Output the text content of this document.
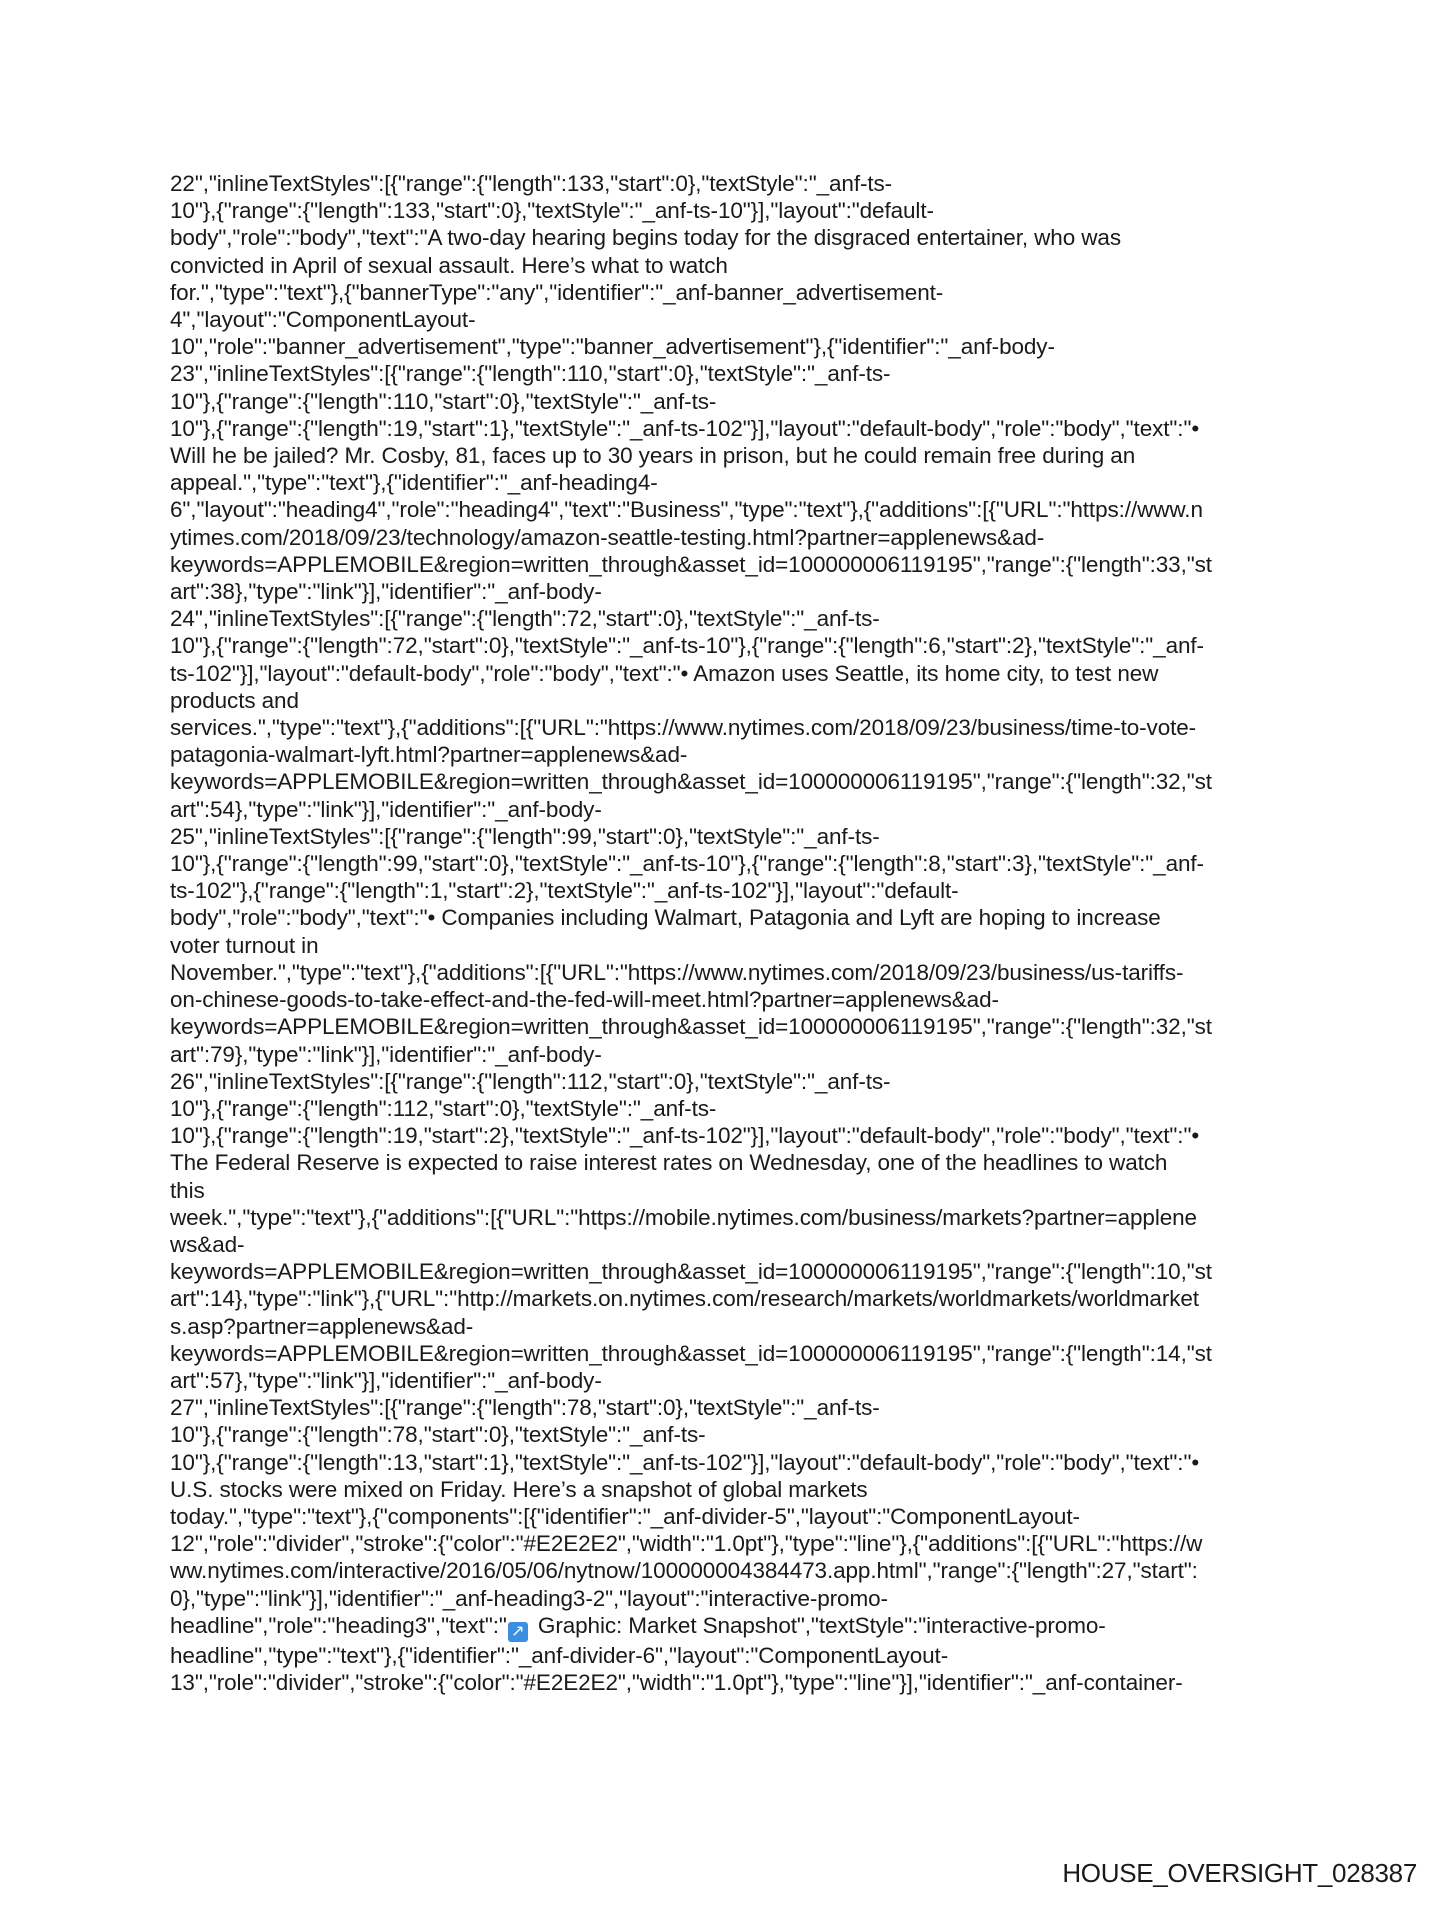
22","inlineTextStyles":[{"range":{"length":133,"start":0},"textStyle":"_anf-ts-
10"},{"range":{"length":133,"start":0},"textStyle":"_anf-ts-10"}],"layout":"default-
body","role":"body","text":"A two-day hearing begins today for the disgraced entertainer, who was
convicted in April of sexual assault. Here’s what to watch
for.","type":"text"},{"bannerType":"any","identifier":"_anf-banner_advertisement-
4","layout":"ComponentLayout-
10","role":"banner_advertisement","type":"banner_advertisement"},{"identifier":"_anf-body-
23","inlineTextStyles":[{"range":{"length":110,"start":0},"textStyle":"_anf-ts-
10"},{"range":{"length":110,"start":0},"textStyle":"_anf-ts-
10"},{"range":{"length":19,"start":1},"textStyle":"_anf-ts-102"}],"layout":"default-body","role":"body","text":"•
Will he be jailed? Mr. Cosby, 81, faces up to 30 years in prison, but he could remain free during an
appeal.","type":"text"},{"identifier":"_anf-heading4-
6","layout":"heading4","role":"heading4","text":"Business","type":"text"},{"additions":[{"URL":"https://www.n
ytimes.com/2018/09/23/technology/amazon-seattle-testing.html?partner=applenews&ad-
keywords=APPLEMOBILE&region=written_through&asset_id=100000006119195","range":{"length":33,"st
art":38},"type":"link"}],"identifier":"_anf-body-
24","inlineTextStyles":[{"range":{"length":72,"start":0},"textStyle":"_anf-ts-
10"},{"range":{"length":72,"start":0},"textStyle":"_anf-ts-10"},{"range":{"length":6,"start":2},"textStyle":"_anf-
ts-102"}],"layout":"default-body","role":"body","text":"• Amazon uses Seattle, its home city, to test new
products and
services.","type":"text"},{"additions":[{"URL":"https://www.nytimes.com/2018/09/23/business/time-to-vote-
patagonia-walmart-lyft.html?partner=applenews&ad-
keywords=APPLEMOBILE&region=written_through&asset_id=100000006119195","range":{"length":32,"st
art":54},"type":"link"}],"identifier":"_anf-body-
25","inlineTextStyles":[{"range":{"length":99,"start":0},"textStyle":"_anf-ts-
10"},{"range":{"length":99,"start":0},"textStyle":"_anf-ts-10"},{"range":{"length":8,"start":3},"textStyle":"_anf-
ts-102"},{"range":{"length":1,"start":2},"textStyle":"_anf-ts-102"}],"layout":"default-
body","role":"body","text":"• Companies including Walmart, Patagonia and Lyft are hoping to increase
voter turnout in
November.","type":"text"},{"additions":[{"URL":"https://www.nytimes.com/2018/09/23/business/us-tariffs-
on-chinese-goods-to-take-effect-and-the-fed-will-meet.html?partner=applenews&ad-
keywords=APPLEMOBILE&region=written_through&asset_id=100000006119195","range":{"length":32,"st
art":79},"type":"link"}],"identifier":"_anf-body-
26","inlineTextStyles":[{"range":{"length":112,"start":0},"textStyle":"_anf-ts-
10"},{"range":{"length":112,"start":0},"textStyle":"_anf-ts-
10"},{"range":{"length":19,"start":2},"textStyle":"_anf-ts-102"}],"layout":"default-body","role":"body","text":"•
The Federal Reserve is expected to raise interest rates on Wednesday, one of the headlines to watch
this
week.","type":"text"},{"additions":[{"URL":"https://mobile.nytimes.com/business/markets?partner=applene
ws&ad-
keywords=APPLEMOBILE&region=written_through&asset_id=100000006119195","range":{"length":10,"st
art":14},"type":"link"},{"URL":"http://markets.on.nytimes.com/research/markets/worldmarkets/worldmarket
s.asp?partner=applenews&ad-
keywords=APPLEMOBILE&region=written_through&asset_id=100000006119195","range":{"length":14,"st
art":57},"type":"link"}],"identifier":"_anf-body-
27","inlineTextStyles":[{"range":{"length":78,"start":0},"textStyle":"_anf-ts-
10"},{"range":{"length":78,"start":0},"textStyle":"_anf-ts-
10"},{"range":{"length":13,"start":1},"textStyle":"_anf-ts-102"}],"layout":"default-body","role":"body","text":"•
U.S. stocks were mixed on Friday. Here’s a snapshot of global markets
today.","type":"text"},{"components":[{"identifier":"_anf-divider-5","layout":"ComponentLayout-
12","role":"divider","stroke":{"color":"#E2E2E2","width":"1.0pt"},"type":"line"},{"additions":[{"URL":"https://w
ww.nytimes.com/interactive/2016/05/06/nytnow/100000004384473.app.html","range":{"length":27,"start":
0},"type":"link"}],"identifier":"_anf-heading3-2","layout":"interactive-promo-
headline","role":"heading3","text":" ↗ Graphic: Market Snapshot","textStyle":"interactive-promo-
headline","type":"text"},{"identifier":"_anf-divider-6","layout":"ComponentLayout-
13","role":"divider","stroke":{"color":"#E2E2E2","width":"1.0pt"},"type":"line"}],"identifier":"_anf-container-
HOUSE_OVERSIGHT_028387
